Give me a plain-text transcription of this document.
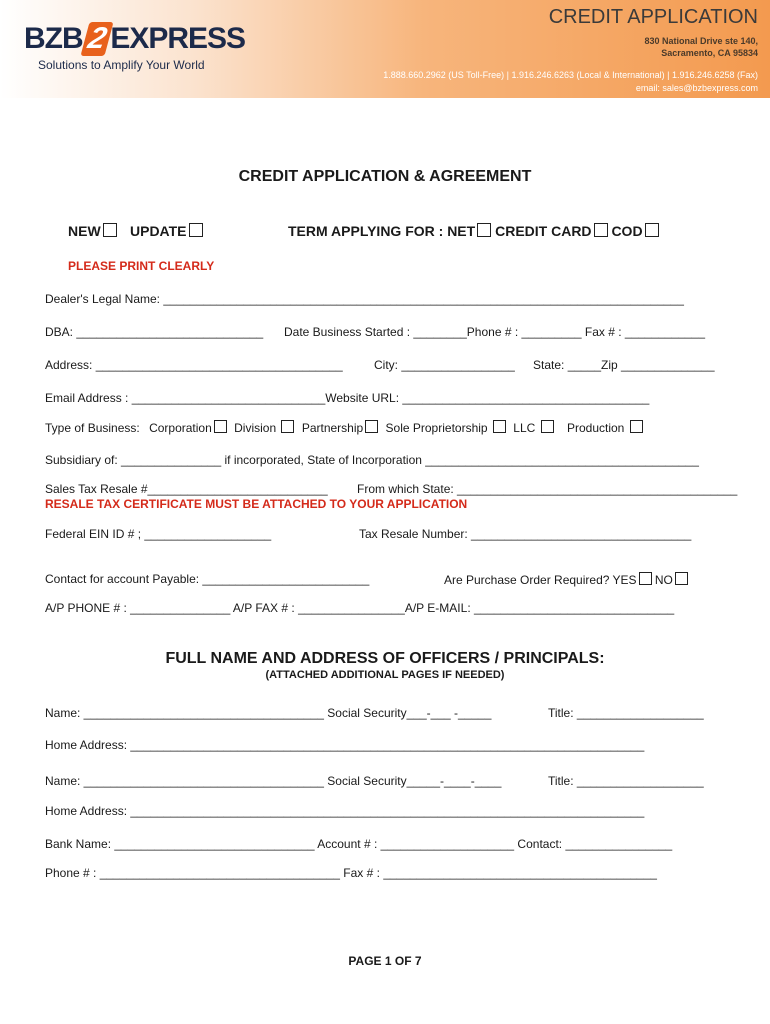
BZB2EXPRESS
Solutions to Amplify Your World
CREDIT APPLICATION
830 National Drive ste 140,
Sacramento, CA 95834
1.888.660.2962 (US Toll-Free) | 1.916.246.6263 (Local & International) | 1.916.246.6258 (Fax)
email: sales@bzbexpress.com
CREDIT APPLICATION & AGREEMENT
NEW	UPDATE	TERM APPLYING FOR : NET CREDIT CARD COD
PLEASE PRINT CLEARLY
Dealer's Legal Name: ______________________________________________________________________________
DBA: ____________________________ Date Business Started : ________Phone # : _________ Fax # : ____________
Address: _____________________________________	City: _________________ State: _____Zip ______________
Email Address : _____________________________Website URL: _____________________________________
Type of Business: Corporation Division Partnership Sole Proprietorship LLC	Production
Subsidiary of: _______________ if incorporated, State of Incorporation _________________________________________
Sales Tax Resale #___________________________ From which State: __________________________________________
RESALE TAX CERTIFICATE MUST BE ATTACHED TO YOUR APPLICATION
Federal EIN ID # ; ___________________	Tax Resale Number: _________________________________
Contact for account Payable: _________________________	Are Purchase Order Required? YES NO
A/P PHONE # : _______________ A/P FAX # : ________________A/P E-MAIL: ______________________________
FULL NAME AND ADDRESS OF OFFICERS / PRINCIPALS:
(ATTACHED ADDITIONAL PAGES IF NEEDED)
Name: ____________________________________ Social Security___-___ -_____	Title: ___________________
Home Address: _____________________________________________________________________________
Name: ____________________________________ Social Security_____-____-____	Title: ___________________
Home Address: _____________________________________________________________________________
Bank Name: ______________________________ Account # : ____________________ Contact: ________________
Phone # : ____________________________________ Fax # : _________________________________________
PAGE 1 OF 7
